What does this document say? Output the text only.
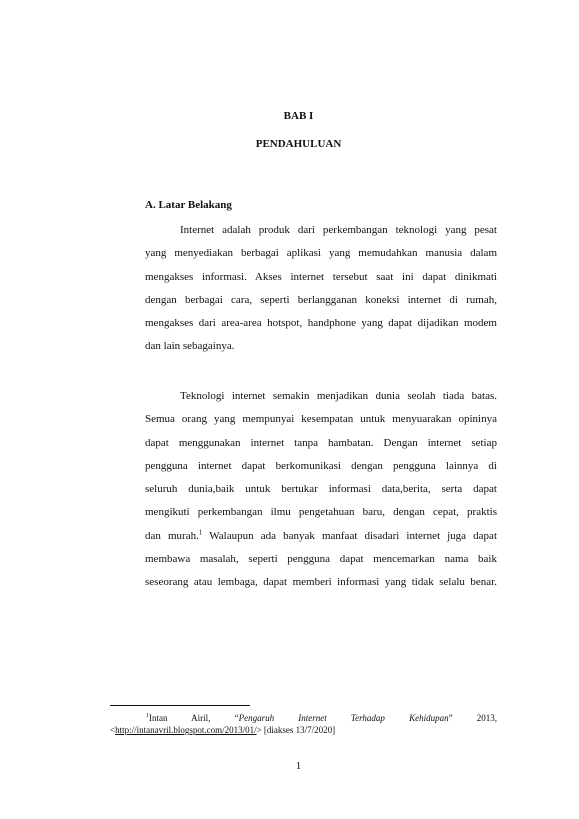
BAB I
PENDAHULUAN
A. Latar Belakang
Internet adalah produk dari perkembangan teknologi yang pesat
yang menyediakan berbagai aplikasi yang memudahkan manusia dalam
mengakses informasi. Akses internet tersebut saat ini dapat dinikmati
dengan berbagai cara, seperti berlangganan koneksi internet di rumah,
mengakses dari area-area hotspot, handphone yang dapat dijadikan modem
dan lain sebagainya.
Teknologi internet semakin menjadikan dunia seolah tiada batas.
Semua orang yang mempunyai kesempatan untuk menyuarakan opininya
dapat menggunakan internet tanpa hambatan. Dengan internet setiap
pengguna internet dapat berkomunikasi dengan pengguna lainnya di
seluruh dunia,baik untuk bertukar informasi data,berita, serta dapat
mengikuti perkembangan ilmu pengetahuan baru, dengan cepat, praktis
dan murah.$^1$ Walaupun ada banyak manfaat disadari internet juga dapat
membawa masalah, seperti pengguna dapat mencemarkan nama baik
seseorang atau lembaga, dapat memberi informasi yang tidak selalu benar.
$^1$Intan Airil,	“Pengaruh Internet Terhadap Kehidupan”	2013,
<http://intanavril.blogspot.com/2013/01/> [diakses 13/7/2020]
1
